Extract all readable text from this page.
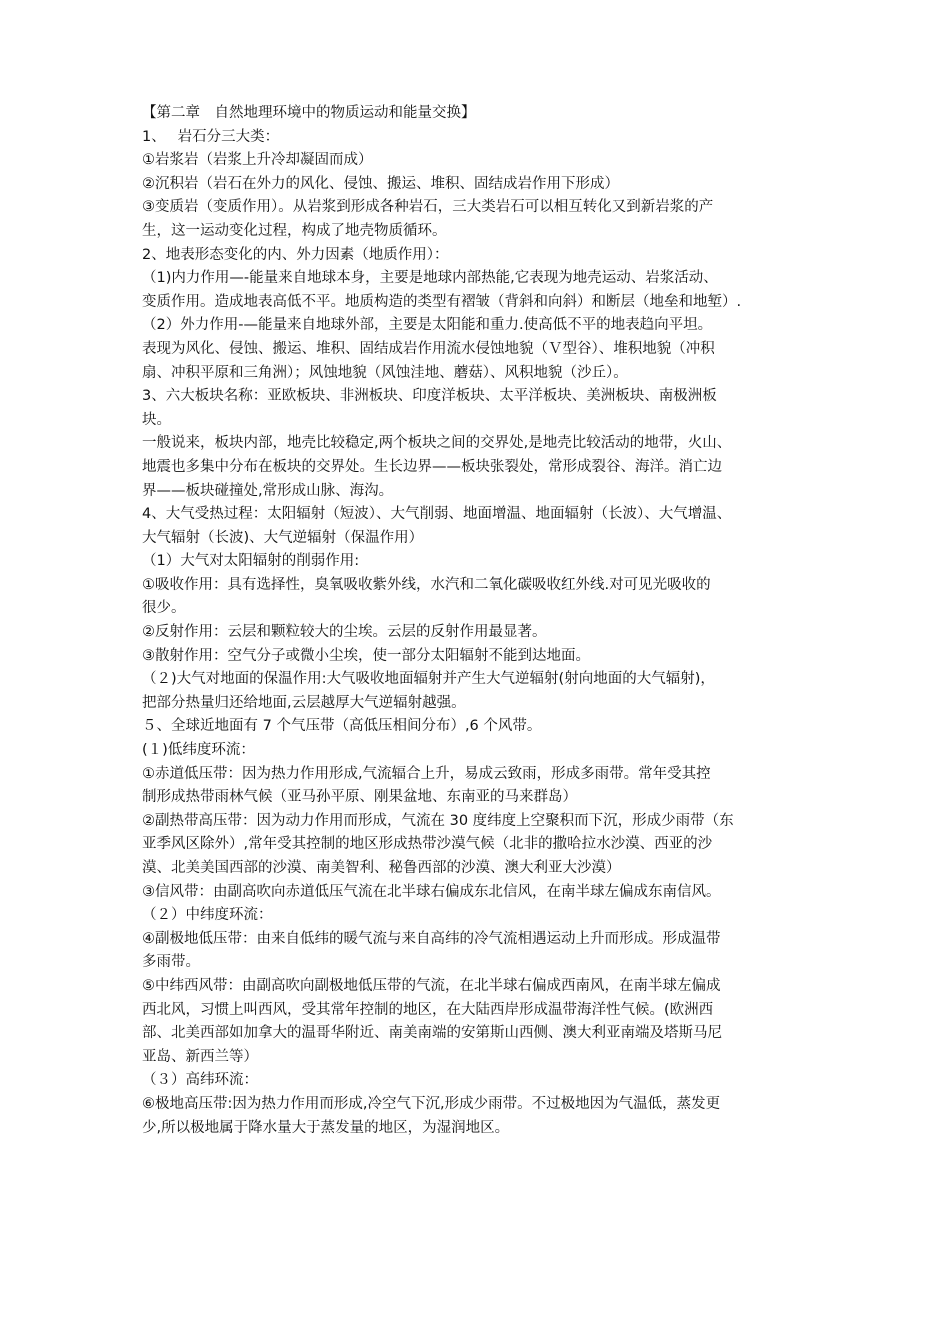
【第二章　自然地理环境中的物质运动和能量交换】
1、　 岩石分三大类：
①岩浆岩（岩浆上升冷却凝固而成）
②沉积岩（岩石在外力的风化、侵蚀、搬运、堆积、固结成岩作用下形成）
③变质岩（变质作用）。从岩浆到形成各种岩石，三大类岩石可以相互转化又到新岩浆的产
生，这一运动变化过程，构成了地壳物质循环。
2、地表形态变化的内、外力因素（地质作用）：
（1)内力作用—-能量来自地球本身，主要是地球内部热能,它表现为地壳运动、岩浆活动、
变质作用。造成地表高低不平。地质构造的类型有褶皱（背斜和向斜）和断层（地垒和地堑）.
（2）外力作用-—能量来自地球外部，主要是太阳能和重力.使高低不平的地表趋向平坦。
表现为风化、侵蚀、搬运、堆积、固结成岩作用流水侵蚀地貌（Ｖ型谷）、堆积地貌（冲积
扇、冲积平原和三角洲）；风蚀地貌（风蚀洼地、蘑菇）、风积地貌（沙丘）。
3、六大板块名称：亚欧板块、非洲板块、印度洋板块、太平洋板块、美洲板块、南极洲板
块。
一般说来，板块内部，地壳比较稳定,两个板块之间的交界处,是地壳比较活动的地带，火山、
地震也多集中分布在板块的交界处。生长边界——板块张裂处，常形成裂谷、海洋。消亡边
界——板块碰撞处,常形成山脉、海沟。
4、大气受热过程：太阳辐射（短波）、大气削弱、地面增温、地面辐射（长波）、大气增温、
大气辐射（长波)、大气逆辐射（保温作用）
（1）大气对太阳辐射的削弱作用:
①吸收作用：具有选择性，臭氧吸收紫外线，水汽和二氧化碳吸收红外线.对可见光吸收的
很少。
②反射作用：云层和颗粒较大的尘埃。云层的反射作用最显著。
③散射作用：空气分子或微小尘埃，使一部分太阳辐射不能到达地面。
（２)大气对地面的保温作用:大气吸收地面辐射并产生大气逆辐射(射向地面的大气辐射)，
把部分热量归还给地面,云层越厚大气逆辐射越强。
５、全球近地面有 7 个气压带（高低压相间分布）,6 个风带。
(１)低纬度环流：
①赤道低压带：因为热力作用形成,气流辐合上升，易成云致雨，形成多雨带。常年受其控
制形成热带雨林气候（亚马孙平原、刚果盆地、东南亚的马来群岛）
②副热带高压带：因为动力作用而形成，气流在 30 度纬度上空聚积而下沉，形成少雨带（东
亚季风区除外）,常年受其控制的地区形成热带沙漠气候（北非的撒哈拉水沙漠、西亚的沙
漠、北美美国西部的沙漠、南美智利、秘鲁西部的沙漠、澳大利亚大沙漠）
③信风带：由副高吹向赤道低压气流在北半球右偏成东北信风，在南半球左偏成东南信风。
（２）中纬度环流：
④副极地低压带：由来自低纬的暖气流与来自高纬的冷气流相遇运动上升而形成。形成温带
多雨带。
⑤中纬西风带：由副高吹向副极地低压带的气流，在北半球右偏成西南风，在南半球左偏成
西北风，习惯上叫西风，受其常年控制的地区，在大陆西岸形成温带海洋性气候。(欧洲西
部、北美西部如加拿大的温哥华附近、南美南端的安第斯山西侧、澳大利亚南端及塔斯马尼
亚岛、新西兰等）
（３）高纬环流：
⑥极地高压带:因为热力作用而形成,冷空气下沉,形成少雨带。不过极地因为气温低，蒸发更
少,所以极地属于降水量大于蒸发量的地区，为湿润地区。
